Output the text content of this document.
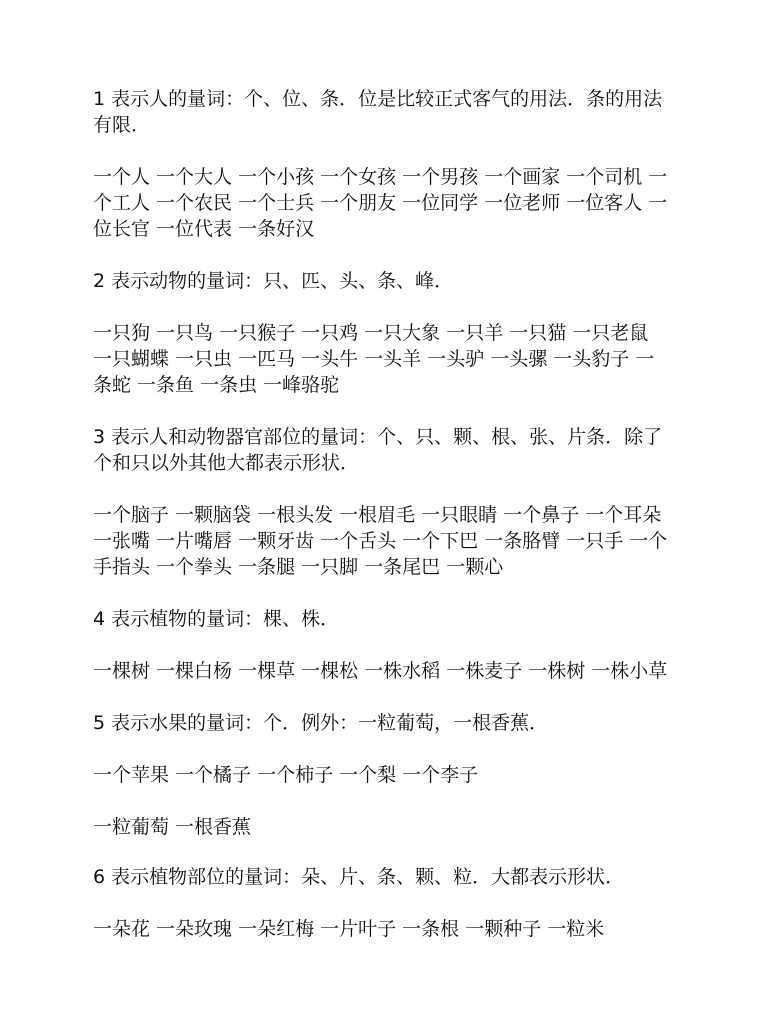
1 表示人的量词：个、位、条．位是比较正式客气的用法．条的用法有限．

一个人 一个大人 一个小孩 一个女孩 一个男孩 一个画家 一个司机 一个工人 一个农民 一个士兵 一个朋友 一位同学 一位老师 一位客人 一位长官 一位代表 一条好汉

2 表示动物的量词：只、匹、头、条、峰．

一只狗 一只鸟 一只猴子 一只鸡 一只大象 一只羊 一只猫 一只老鼠 一只蝴蝶 一只虫 一匹马 一头牛 一头羊 一头驴 一头骡 一头豹子 一条蛇 一条鱼 一条虫 一峰骆驼

3 表示人和动物器官部位的量词：个、只、颗、根、张、片条．除了个和只以外其他大都表示形状．

一个脑子 一颗脑袋 一根头发 一根眉毛 一只眼睛 一个鼻子 一个耳朵 一张嘴 一片嘴唇 一颗牙齿 一个舌头 一个下巴 一条胳臂 一只手 一个手指头 一个拳头 一条腿 一只脚 一条尾巴 一颗心

4 表示植物的量词：棵、株．

一棵树 一棵白杨 一棵草 一棵松 一株水稻 一株麦子 一株树 一株小草

5 表示水果的量词：个．例外：一粒葡萄，一根香蕉．

一个苹果 一个橘子 一个柿子 一个梨 一个李子

一粒葡萄 一根香蕉

6 表示植物部位的量词：朵、片、条、颗、粒．大都表示形状．

一朵花 一朵玫瑰 一朵红梅 一片叶子 一条根 一颗种子 一粒米
